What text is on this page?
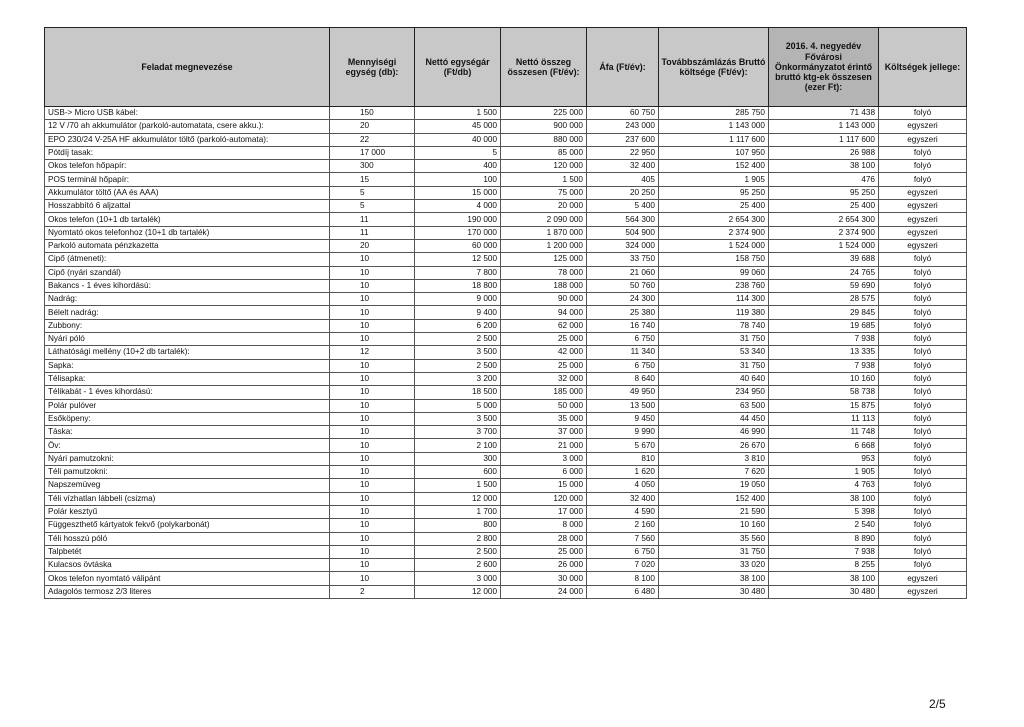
Feladat megnevezése	Mennyiségi egység (db):	Nettó egységár (Ft/db)	Nettó összeg összesen (Ft/év):	Áfa (Ft/év):	Továbbszámlázás Bruttó költsége (Ft/év):	2016. 4. negyedév Fővárosi Önkormányzatot érintő bruttó ktg-ek összesen (ezer Ft):	Költségek jellege:
USB-> Micro USB kábel:	150	1 500	225 000	60 750	285 750	71 438	folyó
12 V /70 ah akkumulátor (parkoló-automatata, csere akku.):	20	45 000	900 000	243 000	1 143 000	1 143 000	egyszeri
EPO 230/24 V-25A HF akkumulátor töltő (parkoló-automata):	22	40 000	880 000	237 600	1 117 600	1 117 600	egyszeri
Pótdíj tasak:	17 000	5	85 000	22 950	107 950	26 988	folyó
Okos telefon hőpapír:	300	400	120 000	32 400	152 400	38 100	folyó
POS terminál hőpapír:	15	100	1 500	405	1 905	476	folyó
Akkumulátor töltő (AA és AAA)	5	15 000	75 000	20 250	95 250	95 250	egyszeri
Hosszabbító 6 aljzattal	5	4 000	20 000	5 400	25 400	25 400	egyszeri
Okos telefon (10+1 db tartalék)	11	190 000	2 090 000	564 300	2 654 300	2 654 300	egyszeri
Nyomtató okos telefonhoz (10+1 db tartalék)	11	170 000	1 870 000	504 900	2 374 900	2 374 900	egyszeri
Parkoló automata pénzkazetta	20	60 000	1 200 000	324 000	1 524 000	1 524 000	egyszeri
Cipő (átmeneti):	10	12 500	125 000	33 750	158 750	39 688	folyó
Cipő (nyári szandál)	10	7 800	78 000	21 060	99 060	24 765	folyó
Bakancs - 1 éves kihordású:	10	18 800	188 000	50 760	238 760	59 690	folyó
Nadrág:	10	9 000	90 000	24 300	114 300	28 575	folyó
Bélelt nadrág:	10	9 400	94 000	25 380	119 380	29 845	folyó
Zubbony:	10	6 200	62 000	16 740	78 740	19 685	folyó
Nyári póló	10	2 500	25 000	6 750	31 750	7 938	folyó
Láthatósági mellény (10+2 db tartalék):	12	3 500	42 000	11 340	53 340	13 335	folyó
Sapka:	10	2 500	25 000	6 750	31 750	7 938	folyó
Télisapka:	10	3 200	32 000	8 640	40 640	10 160	folyó
Télikabát - 1 éves kihordású:	10	18 500	185 000	49 950	234 950	58 738	folyó
Polár pulóver	10	5 000	50 000	13 500	63 500	15 875	folyó
Esőköpeny:	10	3 500	35 000	9 450	44 450	11 113	folyó
Táska:	10	3 700	37 000	9 990	46 990	11 748	folyó
Öv:	10	2 100	21 000	5 670	26 670	6 668	folyó
Nyári pamutzokni:	10	300	3 000	810	3 810	953	folyó
Téli pamutzokni:	10	600	6 000	1 620	7 620	1 905	folyó
Napszemüveg	10	1 500	15 000	4 050	19 050	4 763	folyó
Téli vízhatlan lábbeli (csizma)	10	12 000	120 000	32 400	152 400	38 100	folyó
Polár kesztyű	10	1 700	17 000	4 590	21 590	5 398	folyó
Függeszthető kártyatok fekvő (polykarbonát)	10	800	8 000	2 160	10 160	2 540	folyó
Téli hosszú póló	10	2 800	28 000	7 560	35 560	8 890	folyó
Talpbetét	10	2 500	25 000	6 750	31 750	7 938	folyó
Kulacsos övtáska	10	2 600	26 000	7 020	33 020	8 255	folyó
Okos telefon nyomtató válipánt	10	3 000	30 000	8 100	38 100	38 100	egyszeri
Adagolós termosz 2/3 literes	2	12 000	24 000	6 480	30 480	30 480	egyszeri
2/5
